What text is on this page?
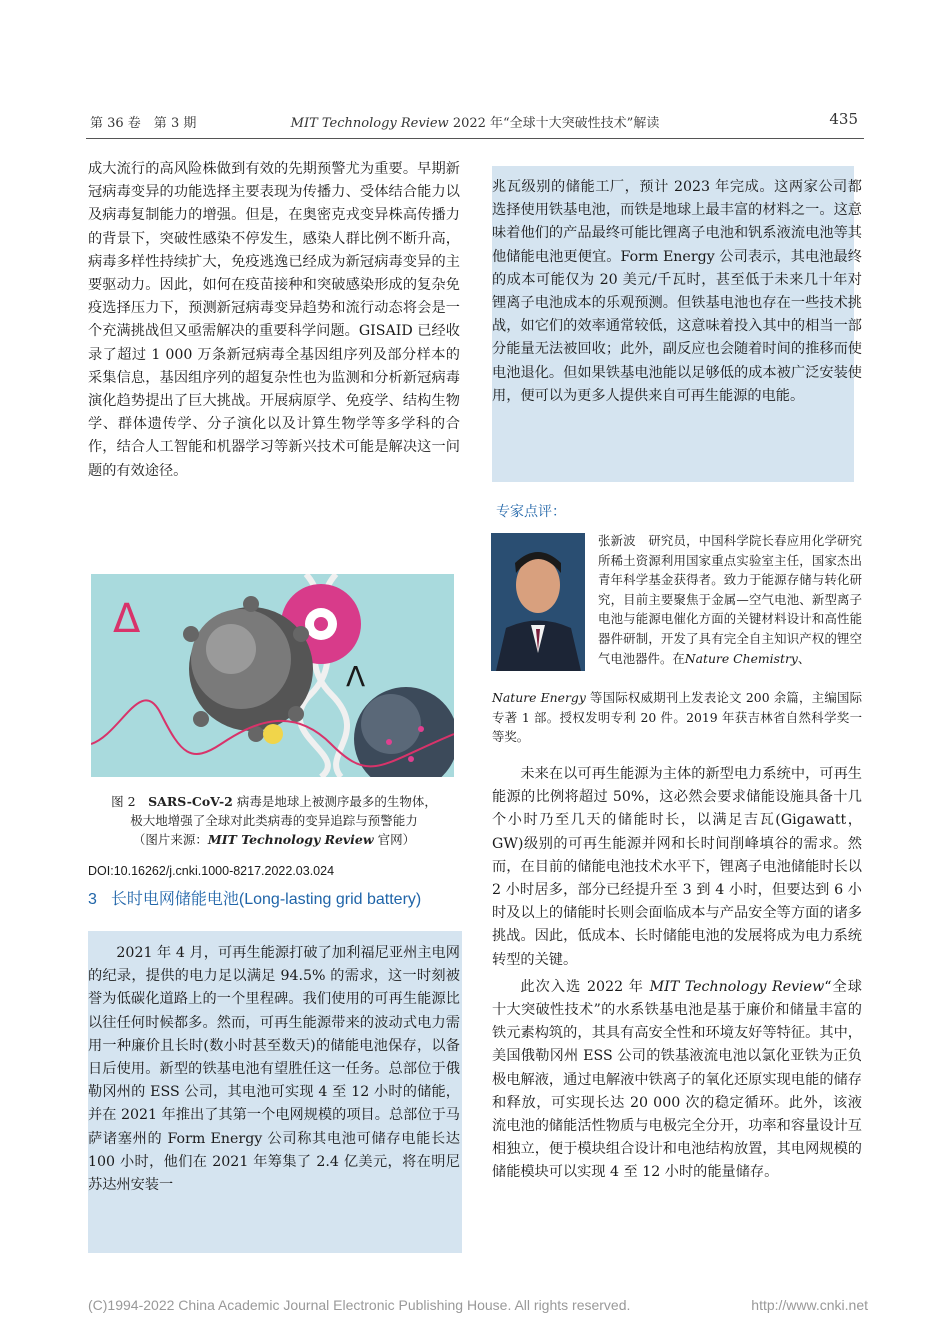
第 36 卷　第 3 期	MIT Technology Review 2022 年“全球十大突破性技术”解读	435

成大流行的高风险株做到有效的先期预警尤为重要。早期新冠病毒变异的功能选择主要表现为传播力、受体结合能力以及病毒复制能力的增强。但是，在奥密克戎变异株高传播力的背景下，突破性感染不停发生，感染人群比例不断升高，病毒多样性持续扩大，免疫逃逸已经成为新冠病毒变异的主要驱动力。因此，如何在疫苗接种和突破感染形成的复杂免疫选择压力下，预测新冠病毒变异趋势和流行动态将会是一个充满挑战但又亟需解决的重要科学问题。GISAID 已经收录了超过 1 000 万条新冠病毒全基因组序列及部分样本的采集信息，基因组序列的超复杂性也为监测和分析新冠病毒演化趋势提出了巨大挑战。开展病原学、免疫学、结构生物学、群体遗传学、分子演化以及计算生物学等多学科的合作，结合人工智能和机器学习等新兴技术可能是解决这一问题的有效途径。

Δ
Λ
图 2　SARS-CoV-2 病毒是地球上被测序最多的生物体，
极大地增强了全球对此类病毒的变异追踪与预警能力
（图片来源：MIT Technology Review 官网）
DOI:10.16262/j.cnki.1000-8217.2022.03.024
3 长时电网储能电池(Long-lasting grid battery)

2021 年 4 月，可再生能源打破了加利福尼亚州主电网的纪录，提供的电力足以满足 94.5% 的需求，这一时刻被誉为低碳化道路上的一个里程碑。我们使用的可再生能源比以往任何时候都多。然而，可再生能源带来的波动式电力需用一种廉价且长时(数小时甚至数天)的储能电池保存，以备日后使用。新型的铁基电池有望胜任这一任务。总部位于俄勒冈州的 ESS 公司，其电池可实现 4 至 12 小时的储能，并在 2021 年推出了其第一个电网规模的项目。总部位于马萨诸塞州的 Form Energy 公司称其电池可储存电能长达 100 小时，他们在 2021 年筹集了 2.4 亿美元，将在明尼苏达州安装一

兆瓦级别的储能工厂，预计 2023 年完成。这两家公司都选择使用铁基电池，而铁是地球上最丰富的材料之一。这意味着他们的产品最终可能比锂离子电池和钒系液流电池等其他储能电池更便宜。Form Energy 公司表示，其电池最终的成本可能仅为 20 美元/千瓦时，甚至低于未来几十年对锂离子电池成本的乐观预测。但铁基电池也存在一些技术挑战，如它们的效率通常较低，这意味着投入其中的相当一部分能量无法被回收；此外，副反应也会随着时间的推移而使电池退化。但如果铁基电池能以足够低的成本被广泛安装使用，便可以为更多人提供来自可再生能源的电能。

专家点评：
张新波　研究员，中国科学院长春应用化学研究所稀土资源利用国家重点实验室主任，国家杰出青年科学基金获得者。致力于能源存储与转化研究，目前主要聚焦于金属—空气电池、新型离子电池与能源电催化方面的关键材料设计和高性能器件研制，开发了具有完全自主知识产权的锂空气电池器件。在Nature Chemistry、
Nature Energy 等国际权威期刊上发表论文 200 余篇，主编国际专著 1 部。授权发明专利 20 件。2019 年获吉林省自然科学奖一等奖。

未来在以可再生能源为主体的新型电力系统中，可再生能源的比例将超过 50%，这必然会要求储能设施具备十几个小时乃至几天的储能时长，以满足吉瓦(Gigawatt，GW)级别的可再生能源并网和长时间削峰填谷的需求。然而，在目前的储能电池技术水平下，锂离子电池储能时长以 2 小时居多，部分已经提升至 3 到 4 小时，但要达到 6 小时及以上的储能时长则会面临成本与产品安全等方面的诸多挑战。因此，低成本、长时储能电池的发展将成为电力系统转型的关键。

此次入选 2022 年 MIT Technology Review“全球十大突破性技术”的水系铁基电池是基于廉价和储量丰富的铁元素构筑的，其具有高安全性和环境友好等特征。其中，美国俄勒冈州 ESS 公司的铁基液流电池以氯化亚铁为正负极电解液，通过电解液中铁离子的氧化还原实现电能的储存和释放，可实现长达 20 000 次的稳定循环。此外，该液流电池的储能活性物质与电极完全分开，功率和容量设计互相独立，便于模块组合设计和电池结构放置，其电网规模的储能模块可以实现 4 至 12 小时的能量储存。

(C)1994-2022 China Academic Journal Electronic Publishing House. All rights reserved.	http://www.cnki.net
